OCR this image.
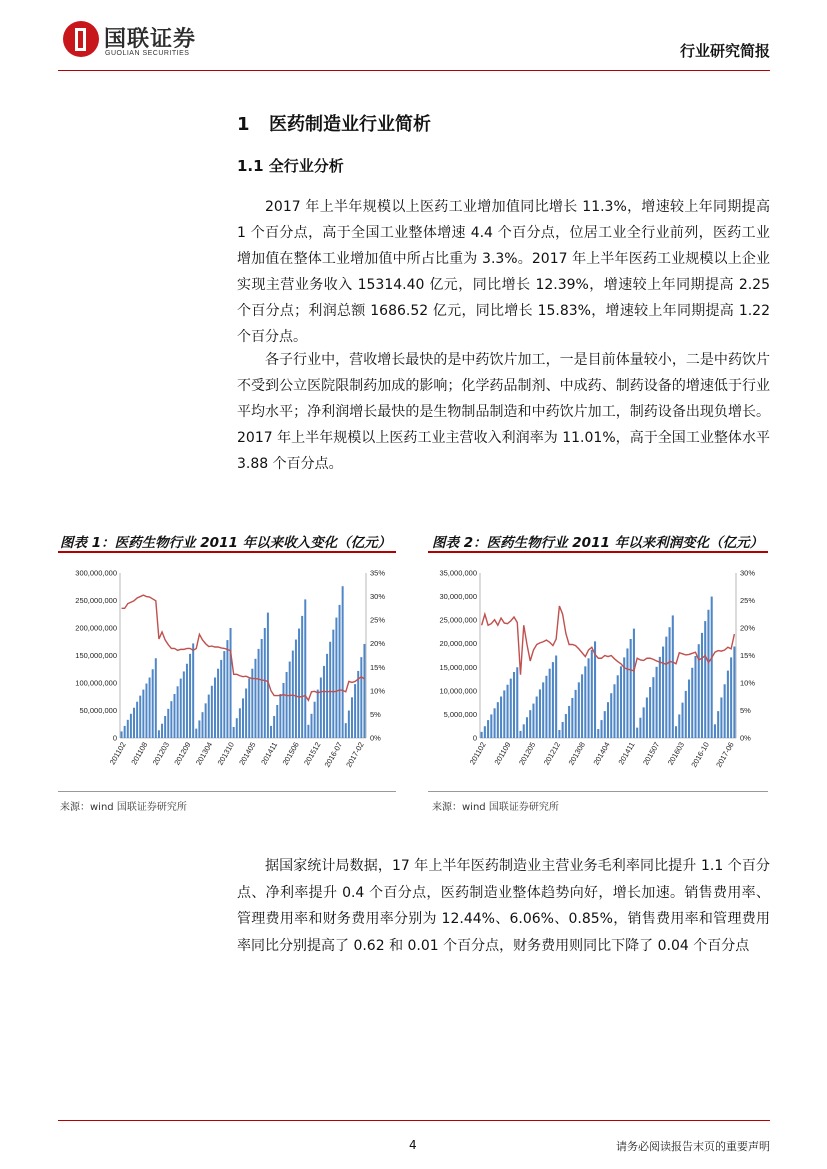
国联证券
GUOLIAN SECURITIES	行业研究简报
1 医药制造业行业简析
1.1 全行业分析
2017 年上半年规模以上医药工业增加值同比增长 11.3%，增速较上年同期提高 1 个百分点，高于全国工业整体增速 4.4 个百分点，位居工业全行业前列，医药工业增加值在整体工业增加值中所占比重为 3.3%。2017 年上半年医药工业规模以上企业实现主营业务收入 15314.40 亿元，同比增长 12.39%，增速较上年同期提高 2.25 个百分点；利润总额 1686.52 亿元，同比增长 15.83%，增速较上年同期提高 1.22 个百分点。
各子行业中，营收增长最快的是中药饮片加工，一是目前体量较小，二是中药饮片不受到公立医院限制药加成的影响；化学药品制剂、中成药、制药设备的增速低于行业平均水平；净利润增长最快的是生物制品制造和中药饮片加工，制药设备出现负增长。2017 年上半年规模以上医药工业主营收入利润率为 11.01%，高于全国工业整体水平 3.88 个百分点。
图表 1：医药生物行业 2011 年以来收入变化（亿元）
0
50,000,000
100,000,000
150,000,000
200,000,000
250,000,000
300,000,000
0%
5%
10%
15%
20%
25%
30%
35%
201102 201108 201203 201209 201304 201310 201405 201411 201506 201512 2016-07 2017-02
来源：wind 国联证券研究所
图表 2：医药生物行业 2011 年以来利润变化（亿元）
0
5,000,000
10,000,000
15,000,000
20,000,000
25,000,000
30,000,000
35,000,000
0%
5%
10%
15%
20%
25%
30%
201102 201109 201205 201212 201308 201404 201411 201507 201603 2016-10 2017-06
来源：wind 国联证券研究所
据国家统计局数据，17 年上半年医药制造业主营业务毛利率同比提升 1.1 个百分点、净利率提升 0.4 个百分点，医药制造业整体趋势向好，增长加速。销售费用率、管理费用率和财务费用率分别为 12.44%、6.06%、0.85%，销售费用率和管理费用率同比分别提高了 0.62 和 0.01 个百分点，财务费用则同比下降了 0.04 个百分点
4	请务必阅读报告末页的重要声明
